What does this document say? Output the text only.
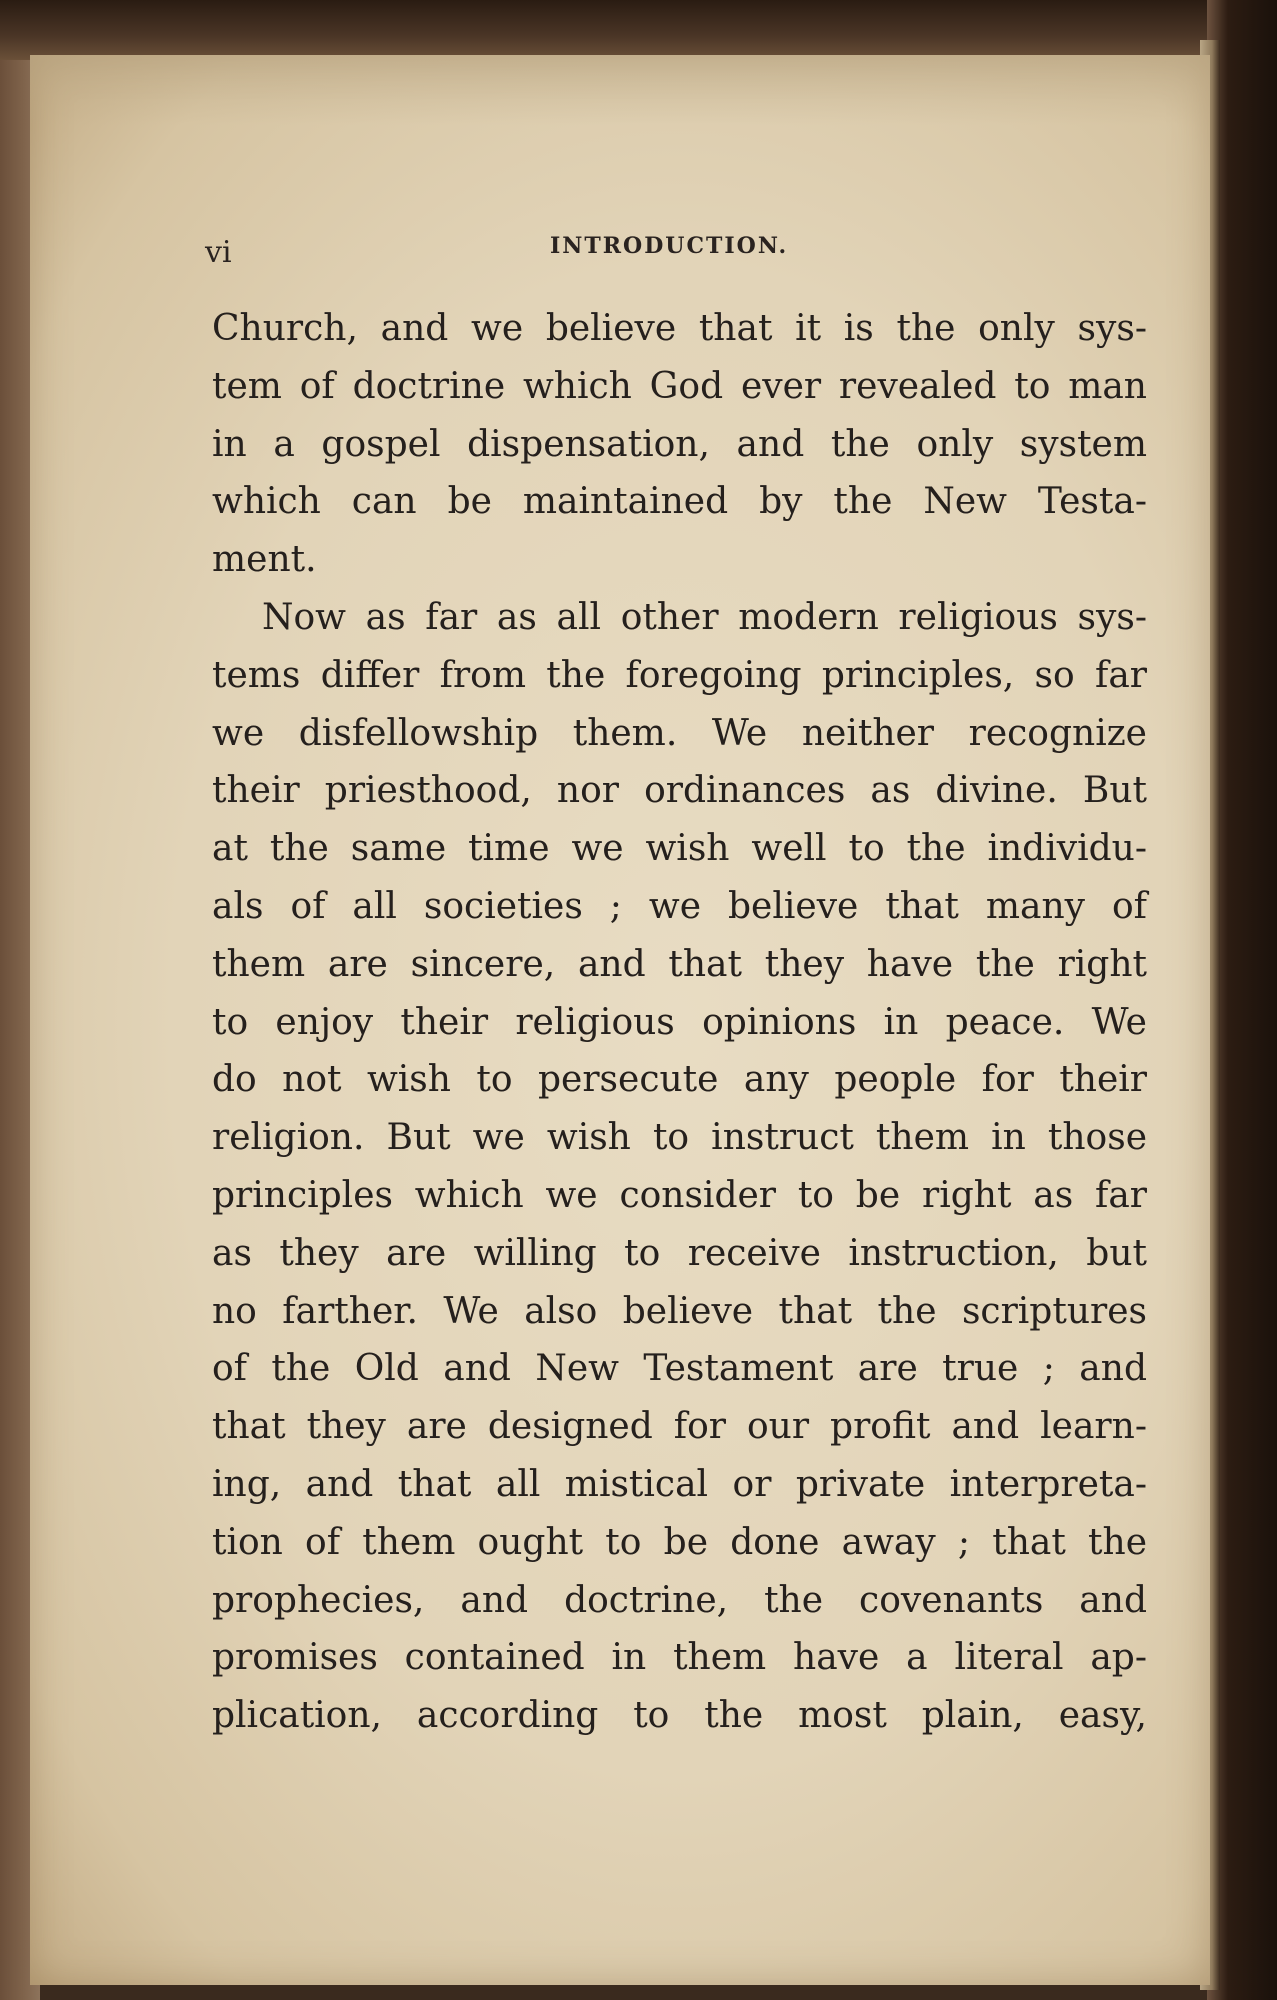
vi	INTRODUCTION.
Church, and we believe that it is the only sys-
tem of doctrine which God ever revealed to man
in a gospel dispensation, and the only system
which can be maintained by the New Testa-
ment.
Now as far as all other modern religious sys-
tems differ from the foregoing principles, so far
we disfellowship them. We neither recognize
their priesthood, nor ordinances as divine. But
at the same time we wish well to the individu-
als of all societies ; we believe that many of
them are sincere, and that they have the right
to enjoy their religious opinions in peace. We
do not wish to persecute any people for their
religion. But we wish to instruct them in those
principles which we consider to be right as far
as they are willing to receive instruction, but
no farther. We also believe that the scriptures
of the Old and New Testament are true ; and
that they are designed for our profit and learn-
ing, and that all mistical or private interpreta-
tion of them ought to be done away ; that the
prophecies, and doctrine, the covenants and
promises contained in them have a literal ap-
plication, according to the most plain, easy,
